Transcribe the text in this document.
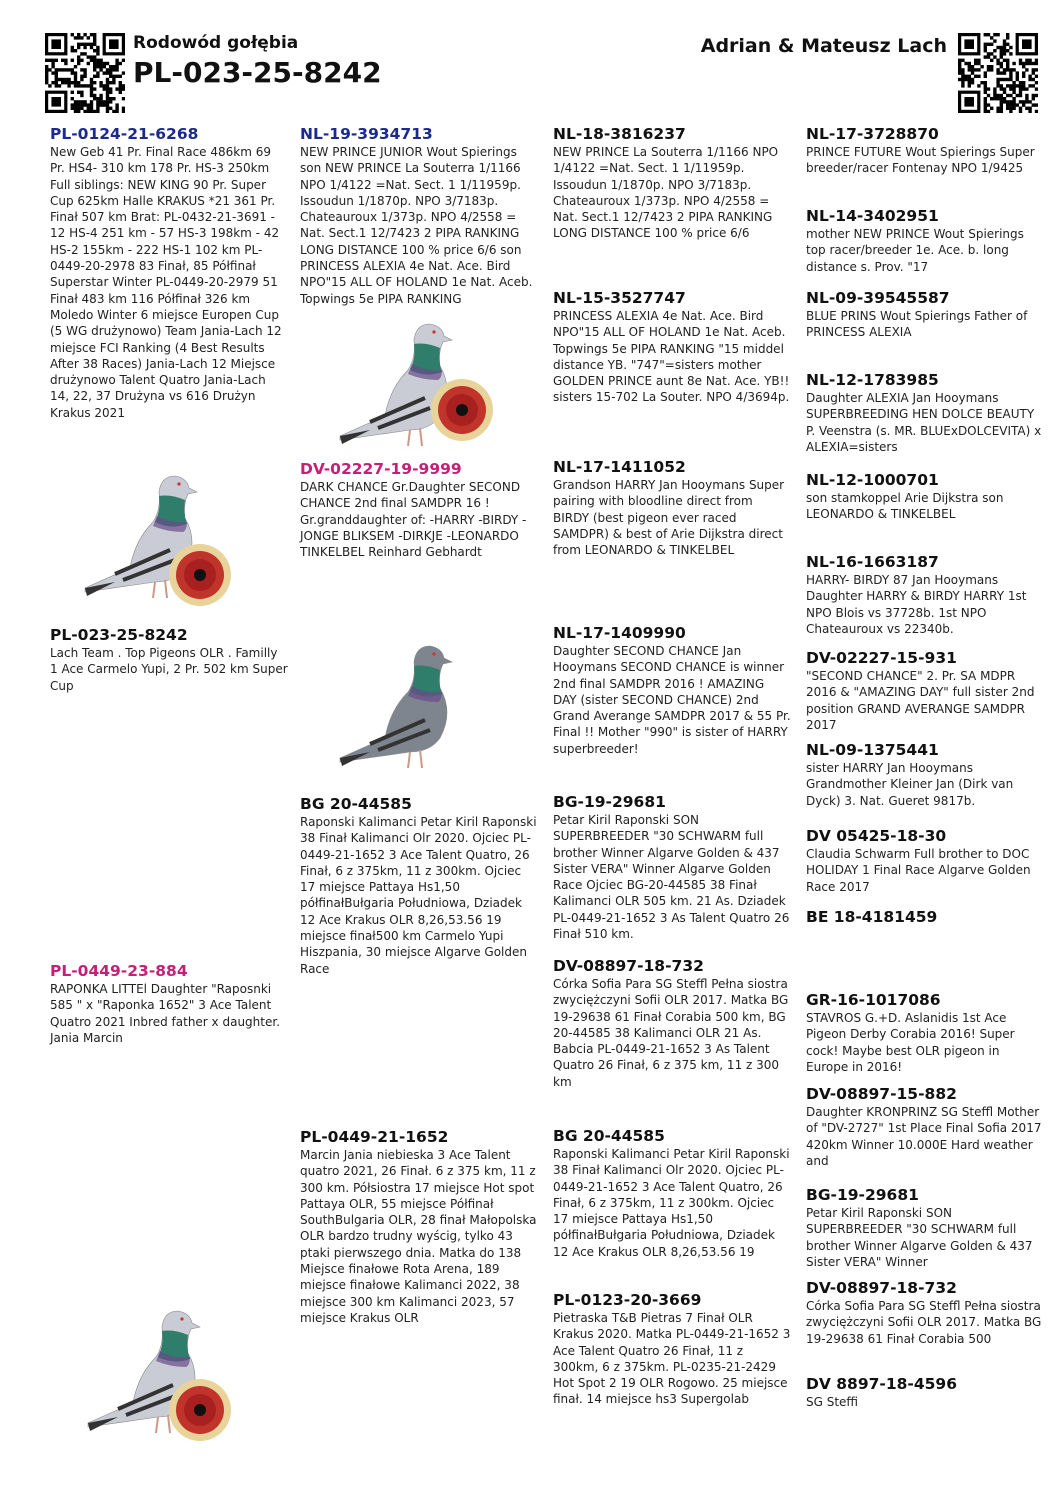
Rodowód gołębia
PL-023-25-8242
Adrian & Mateusz Lach
PL-0124-21-6268
New Geb 41 Pr. Final Race 486km 69 Pr. HS4- 310 km 178 Pr. HS-3 250km Full siblings: NEW KING 90 Pr. Super Cup 625km Halle KRAKUS *21 361 Pr. Finał 507 km Brat: PL-0432-21-3691 - 12 HS-4 251 km - 57 HS-3 198km - 42 HS-2 155km - 222 HS-1 102 km PL-0449-20-2978 83 Finał, 85 Półfinał Superstar Winter PL-0449-20-2979 51 Finał 483 km 116 Półfinał 326 km Moledo Winter 6 miejsce Europen Cup (5 WG drużynowo) Team Jania-Lach 12 miejsce FCI Ranking (4 Best Results After 38 Races) Jania-Lach 12 Miejsce drużynowo Talent Quatro Jania-Lach 14, 22, 37 Drużyna vs 616 Drużyn Krakus 2021
PL-023-25-8242
Lach Team . Top Pigeons OLR . Familly 1 Ace Carmelo Yupi, 2 Pr. 502 km Super Cup
PL-0449-23-884
RAPONKA LITTEl Daughter "Raposnki 585 " x "Raponka 1652" 3 Ace Talent Quatro 2021 Inbred father x daughter. Jania Marcin
NL-19-3934713
NEW PRINCE JUNIOR Wout Spierings son NEW PRINCE La Souterra 1/1166 NPO 1/4122 =Nat. Sect. 1 1/11959p. Issoudun 1/1870p. NPO 3/7183p. Chateauroux 1/373p. NPO 4/2558 = Nat. Sect.1 12/7423 2 PIPA RANKING LONG DISTANCE 100 % price 6/6 son PRINCESS ALEXIA 4e Nat. Ace. Bird NPO"15 ALL OF HOLAND 1e Nat. Aceb. Topwings 5e PIPA RANKING
DV-02227-19-9999
DARK CHANCE Gr.Daughter SECOND CHANCE 2nd final SAMDPR 16 ! Gr.granddaughter of: -HARRY -BIRDY -JONGE BLIKSEM -DIRKJE -LEONARDO TINKELBEL Reinhard Gebhardt
BG 20-44585
Raponski Kalimanci Petar Kiril Raponski 38 Finał Kalimanci Olr 2020. Ojciec PL-0449-21-1652 3 Ace Talent Quatro, 26 Finał, 6 z 375km, 11 z 300km. Ojciec 17 miejsce Pattaya Hs1,50 półfinałBułgaria Południowa, Dziadek 12 Ace Krakus OLR 8,26,53.56 19 miejsce finał500 km Carmelo Yupi Hiszpania, 30 miejsce Algarve Golden Race
PL-0449-21-1652
Marcin Jania niebieska 3 Ace Talent quatro 2021, 26 Finał. 6 z 375 km, 11 z 300 km. Półsiostra 17 miejsce Hot spot Pattaya OLR, 55 miejsce Półfinał SouthBulgaria OLR, 28 finał Małopolska OLR bardzo trudny wyścig, tylko 43 ptaki pierwszego dnia. Matka do 138 Miejsce finałowe Rota Arena, 189 miejsce finałowe Kalimanci 2022, 38 miejsce 300 km Kalimanci 2023, 57 miejsce Krakus OLR
NL-18-3816237
NEW PRINCE La Souterra 1/1166 NPO 1/4122 =Nat. Sect. 1 1/11959p. Issoudun 1/1870p. NPO 3/7183p. Chateauroux 1/373p. NPO 4/2558 = Nat. Sect.1 12/7423 2 PIPA RANKING LONG DISTANCE 100 % price 6/6
NL-15-3527747
PRINCESS ALEXIA 4e Nat. Ace. Bird NPO"15 ALL OF HOLAND 1e Nat. Aceb. Topwings 5e PIPA RANKING "15 middel distance YB. "747"=sisters mother GOLDEN PRINCE aunt 8e Nat. Ace. YB!! sisters 15-702 La Souter. NPO 4/3694p.
NL-17-1411052
Grandson HARRY Jan Hooymans Super pairing with bloodline direct from BIRDY (best pigeon ever raced SAMDPR) & best of Arie Dijkstra direct from LEONARDO & TINKELBEL
NL-17-1409990
Daughter SECOND CHANCE Jan Hooymans SECOND CHANCE is winner 2nd final SAMDPR 2016 ! AMAZING DAY (sister SECOND CHANCE) 2nd Grand Averange SAMDPR 2017 & 55 Pr. Final !! Mother "990" is sister of HARRY superbreeder!
BG-19-29681
Petar Kiril Raponski SON SUPERBREEDER "30 SCHWARM full brother Winner Algarve Golden & 437 Sister VERA" Winner Algarve Golden Race Ojciec BG-20-44585 38 Finał Kalimanci OLR 505 km. 21 As. Dziadek PL-0449-21-1652 3 As Talent Quatro 26 Finał 510 km.
DV-08897-18-732
Córka Sofia Para SG Steffl Pełna siostra zwyciężczyni Sofii OLR 2017. Matka BG 19-29638 61 Finał Corabia 500 km, BG 20-44585 38 Kalimanci OLR 21 As. Babcia PL-0449-21-1652 3 As Talent Quatro 26 Finał, 6 z 375 km, 11 z 300 km
BG 20-44585
Raponski Kalimanci Petar Kiril Raponski 38 Finał Kalimanci Olr 2020. Ojciec PL-0449-21-1652 3 Ace Talent Quatro, 26 Finał, 6 z 375km, 11 z 300km. Ojciec 17 miejsce Pattaya Hs1,50 półfinałBułgaria Południowa, Dziadek 12 Ace Krakus OLR 8,26,53.56 19
PL-0123-20-3669
Pietraska T&B Pietras 7 Finał OLR Krakus 2020. Matka PL-0449-21-1652 3 Ace Talent Quatro 26 Finał, 11 z 300km, 6 z 375km. PL-0235-21-2429 Hot Spot 2 19 OLR Rogowo. 25 miejsce finał. 14 miejsce hs3 Supergolab
NL-17-3728870
PRINCE FUTURE Wout Spierings Super breeder/racer Fontenay NPO 1/9425
NL-14-3402951
mother NEW PRINCE Wout Spierings top racer/breeder 1e. Ace. b. long distance s. Prov. "17
NL-09-39545587
BLUE PRINS Wout Spierings Father of PRINCESS ALEXIA
NL-12-1783985
Daughter ALEXIA Jan Hooymans SUPERBREEDING HEN DOLCE BEAUTY P. Veenstra (s. MR. BLUExDOLCEVITA) x ALEXIA=sisters
NL-12-1000701
son stamkoppel Arie Dijkstra son LEONARDO & TINKELBEL
NL-16-1663187
HARRY- BIRDY 87 Jan Hooymans Daughter HARRY & BIRDY HARRY 1st NPO Blois vs 37728b. 1st NPO Chateauroux vs 22340b.
DV-02227-15-931
"SECOND CHANCE" 2. Pr. SA MDPR 2016 & "AMAZING DAY" full sister 2nd position GRAND AVERANGE SAMDPR 2017
NL-09-1375441
sister HARRY Jan Hooymans Grandmother Kleiner Jan (Dirk van Dyck) 3. Nat. Gueret 9817b.
DV 05425-18-30
Claudia Schwarm Full brother to DOC HOLIDAY 1 Final Race Algarve Golden Race 2017
BE 18-4181459
GR-16-1017086
STAVROS G.+D. Aslanidis 1st Ace Pigeon Derby Corabia 2016! Super cock! Maybe best OLR pigeon in Europe in 2016!
DV-08897-15-882
Daughter KRONPRINZ SG Steffl Mother of "DV-2727" 1st Place Final Sofia 2017 420km Winner 10.000E Hard weather and
BG-19-29681
Petar Kiril Raponski SON SUPERBREEDER "30 SCHWARM full brother Winner Algarve Golden & 437 Sister VERA" Winner
DV-08897-18-732
Córka Sofia Para SG Steffl Pełna siostra zwyciężczyni Sofii OLR 2017. Matka BG 19-29638 61 Finał Corabia 500
DV 8897-18-4596
SG Steffi
